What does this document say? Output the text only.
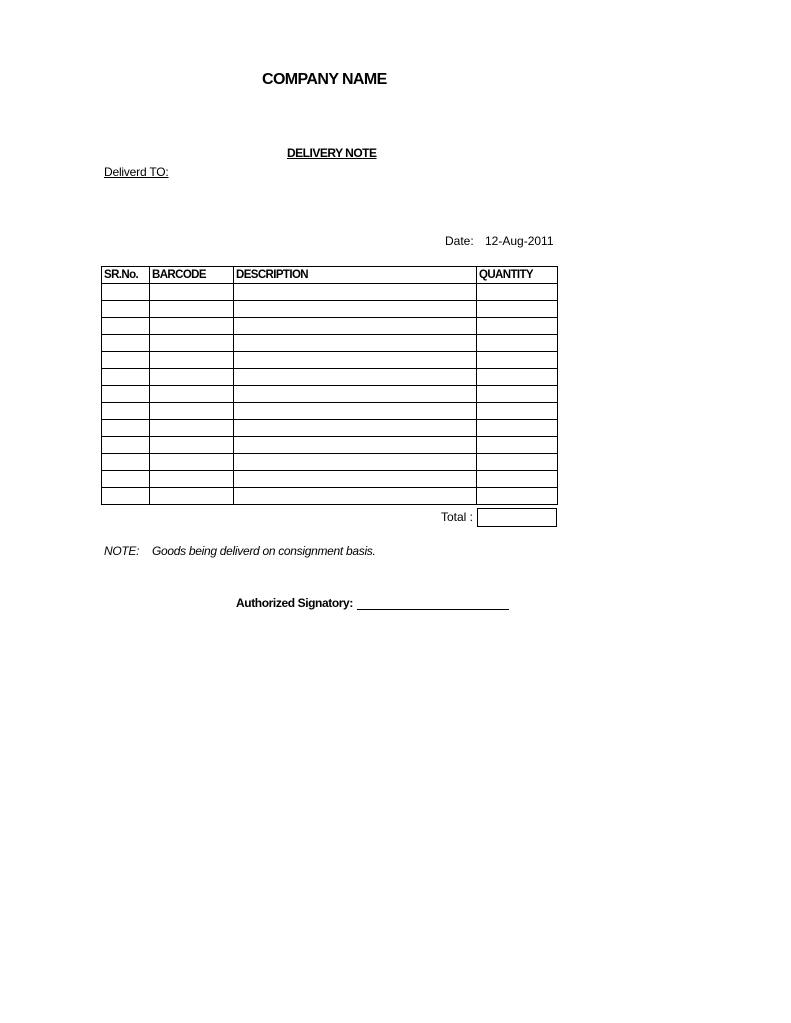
COMPANY NAME
DELIVERY NOTE
Deliverd TO:
Date: 12-Aug-2011
SR.No.	BARCODE	DESCRIPTION	QUANTITY

Total :
NOTE: Goods being deliverd on consignment basis.
Authorized Signatory:
